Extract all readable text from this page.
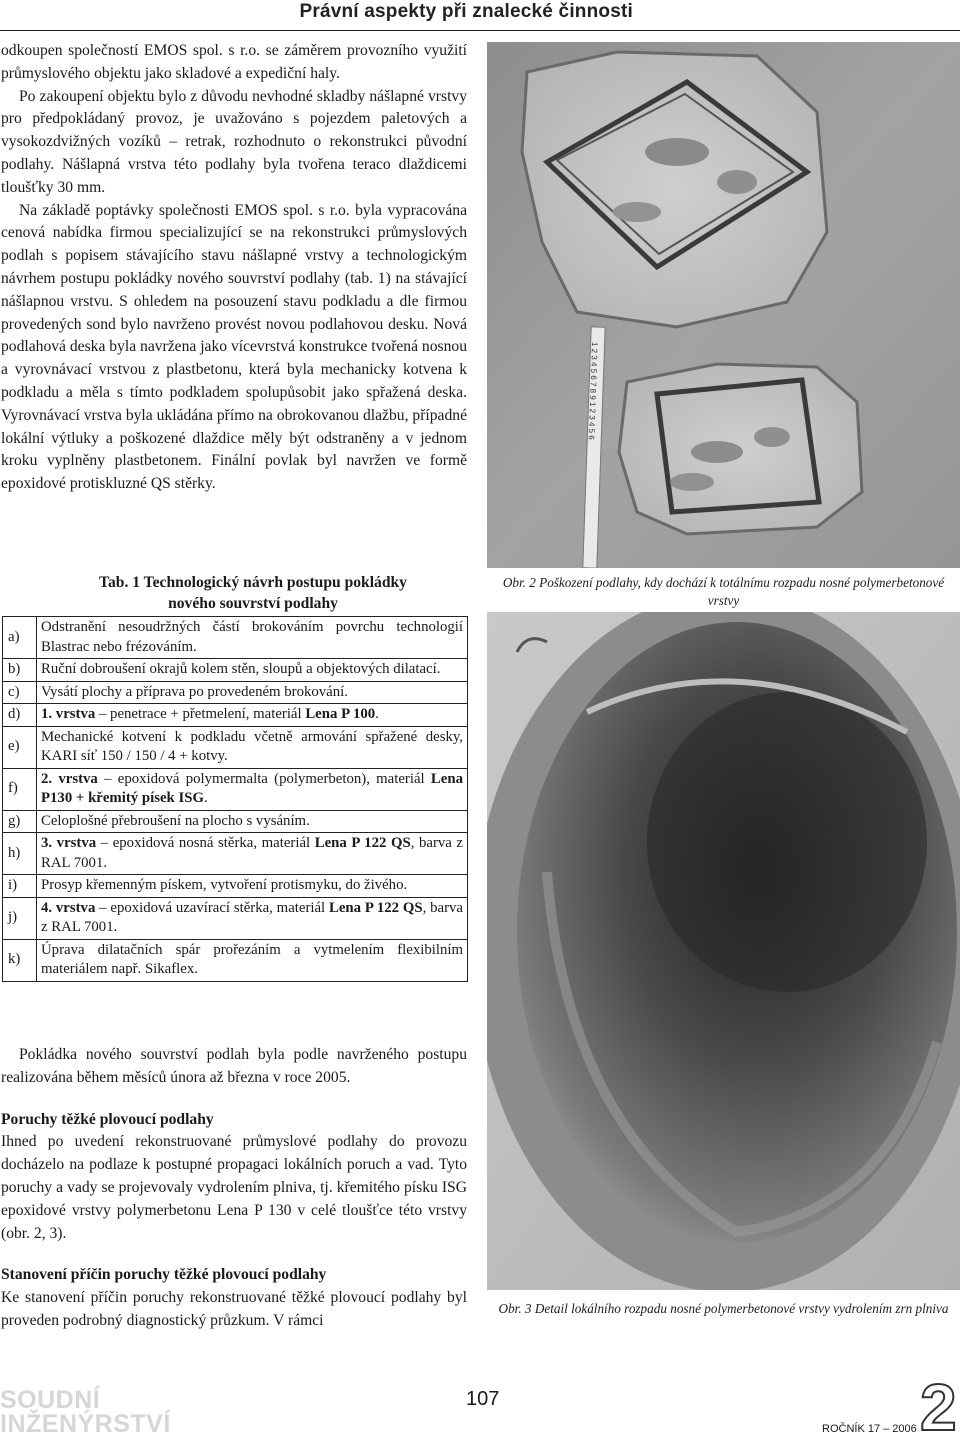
Právní aspekty při znalecké činnosti

odkoupen společností EMOS spol. s r.o. se záměrem provozního využití průmyslového objektu jako skladové a expediční haly.

Po zakoupení objektu bylo z důvodu nevhodné skladby nášlapné vrstvy pro předpokládaný provoz, je uvažováno s pojezdem paletových a vysokozdvižných vozíků – retrak, rozhodnuto o rekonstrukci původní podlahy. Nášlapná vrstva této podlahy byla tvořena teraco dlaždicemi tloušťky 30 mm.

Na základě poptávky společnosti EMOS spol. s r.o. byla vypracována cenová nabídka firmou specializující se na rekonstrukci průmyslových podlah s popisem stávajícího stavu nášlapné vrstvy a technologickým návrhem postupu pokládky nového souvrství podlahy (tab. 1) na stávající nášlapnou vrstvu. S ohledem na posouzení stavu podkladu a dle firmou provedených sond bylo navrženo provést novou podlahovou desku. Nová podlahová deska byla navržena jako vícevrstvá konstrukce tvořená nosnou a vyrovnávací vrstvou z plastbetonu, která byla mechanicky kotvena k podkladu a měla s tímto podkladem spolupůsobit jako spřažená deska. Vyrovnávací vrstva byla ukládána přímo na obrokovanou dlažbu, případné lokální výtluky a poškozené dlaždice měly být odstraněny a v jednom kroku vyplněny plastbetonem. Finální povlak byl navržen ve formě epoxidové protiskluzné QS stěrky.

Tab. 1 Technologický návrh postupu pokládky
nového souvrství podlahy
a)	Odstranění nesoudržných částí brokováním povrchu technologií Blastrac nebo frézováním.
b)	Ruční dobroušení okrajů kolem stěn, sloupů a objektových dilatací.
c)	Vysátí plochy a příprava po provedeném brokování.
d)	1. vrstva – penetrace + přetmelení, materiál Lena P 100.
e)	Mechanické kotvení k podkladu včetně armování spřažené desky, KARI síť 150 / 150 / 4 + kotvy.
f)	2. vrstva – epoxidová polymermalta (polymerbeton), materiál Lena P130 + křemitý písek ISG.
g)	Celoplošné přebroušení na plocho s vysáním.
h)	3. vrstva – epoxidová nosná stěrka, materiál Lena P 122 QS, barva z RAL 7001.
i)	Prosyp křemenným pískem, vytvoření protismyku, do živého.
j)	4. vrstva – epoxidová uzavírací stěrka, materiál Lena P 122 QS, barva z RAL 7001.
k)	Úprava dilatačních spár prořezáním a vytmelením flexibilním materiálem např. Sikaflex.

Pokládka nového souvrství podlah byla podle navrženého postupu realizována během měsíců února až března v roce 2005.

Poruchy těžké plovoucí podlahy

Ihned po uvedení rekonstruované průmyslové podlahy do provozu docházelo na podlaze k postupné propagaci lokálních poruch a vad. Tyto poruchy a vady se projevovaly vydrolením plniva, tj. křemitého písku ISG epoxidové vrstvy polymerbetonu Lena P 130 v celé tloušťce této vrstvy (obr. 2, 3).

Stanovení příčin poruchy těžké plovoucí podlahy

Ke stanovení příčin poruchy rekonstruované těžké plovoucí podlahy byl proveden podrobný diagnostický průzkum. V rámci

1 2 3 4 5 6 7 8 9 1 2 3 4 5 6
Obr. 2 Poškození podlahy, kdy dochází k totálnímu rozpadu nosné polymerbetonové vrstvy
Obr. 3 Detail lokálního rozpadu nosné polymerbetonové vrstvy vydrolením zrn plniva
SOUDNÍ
INŽENÝRSTVÍ
107
ROČNÍK 17 – 2006 2
